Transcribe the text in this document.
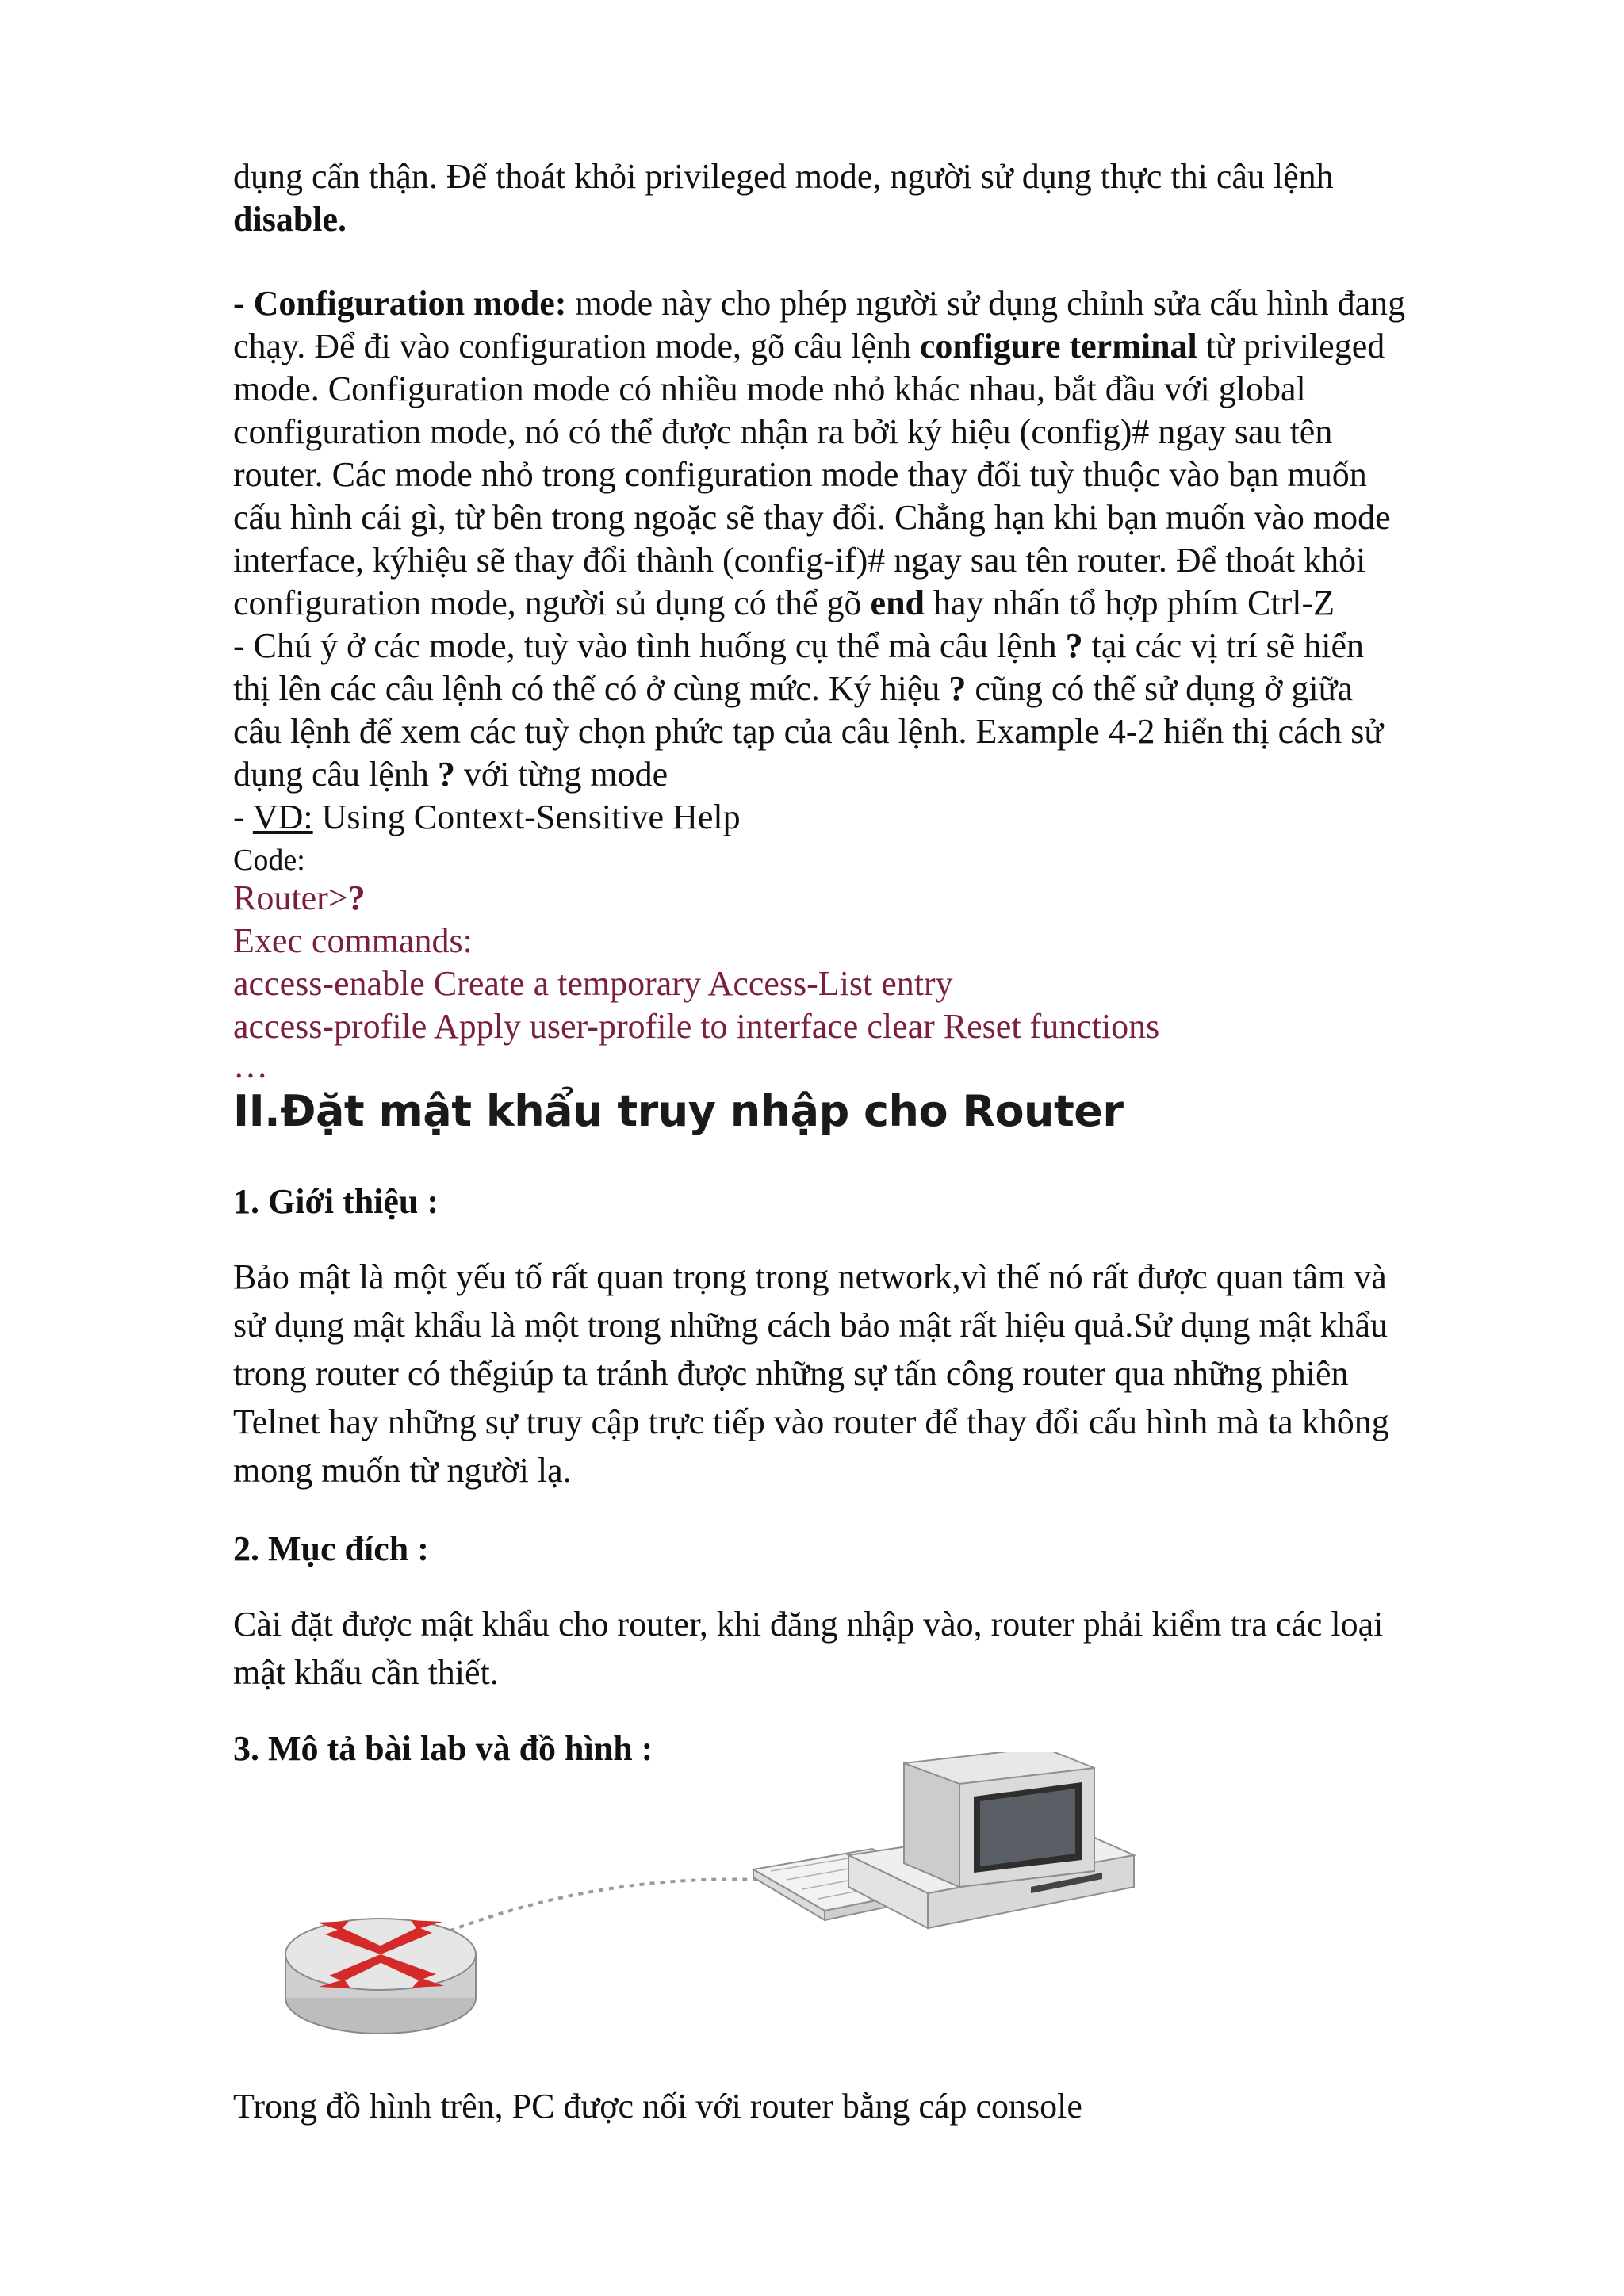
dụng cẩn thận. Để thoát khỏi privileged mode, người sử dụng thực thi câu lệnh
disable.
- Configuration mode: mode này cho phép người sử dụng chỉnh sửa cấu hình đang
chạy. Để đi vào configuration mode, gõ câu lệnh configure terminal từ privileged
mode. Configuration mode có nhiều mode nhỏ khác nhau, bắt đầu với global
configuration mode, nó có thể được nhận ra bởi ký hiệu (config)# ngay sau tên
router. Các mode nhỏ trong configuration mode thay đổi tuỳ thuộc vào bạn muốn
cấu hình cái gì, từ bên trong ngoặc sẽ thay đổi. Chẳng hạn khi bạn muốn vào mode
interface, kýhiệu sẽ thay đổi thành (config-if)# ngay sau tên router. Để thoát khỏi
configuration mode, người sủ dụng có thể gõ end hay nhấn tổ hợp phím Ctrl-Z
- Chú ý ở các mode, tuỳ vào tình huống cụ thể mà câu lệnh ? tại các vị trí sẽ hiển
thị lên các câu lệnh có thể có ở cùng mức. Ký hiệu ? cũng có thể sử dụng ở giữa
câu lệnh để xem các tuỳ chọn phức tạp của câu lệnh. Example 4-2 hiển thị cách sử
dụng câu lệnh ? với từng mode
- VD: Using Context-Sensitive Help
Code:
Router>?
Exec commands:
access-enable Create a temporary Access-List entry
access-profile Apply user-profile to interface clear Reset functions
…
II.Đặt mật khẩu truy nhập cho Router
1. Giới thiệu :
Bảo mật là một yếu tố rất quan trọng trong network,vì thế nó rất được quan tâm và
sử dụng mật khẩu là một trong những cách bảo mật rất hiệu quả.Sử dụng mật khẩu
trong router có thểgiúp ta tránh được những sự tấn công router qua những phiên
Telnet hay những sự truy cập trực tiếp vào router để thay đổi cấu hình mà ta không
mong muốn từ người lạ.
2. Mục đích :
Cài đặt được mật khẩu cho router, khi đăng nhập vào, router phải kiểm tra các loại
mật khẩu cần thiết.
3. Mô tả bài lab và đồ hình :
Trong đồ hình trên, PC được nối với router bằng cáp console
